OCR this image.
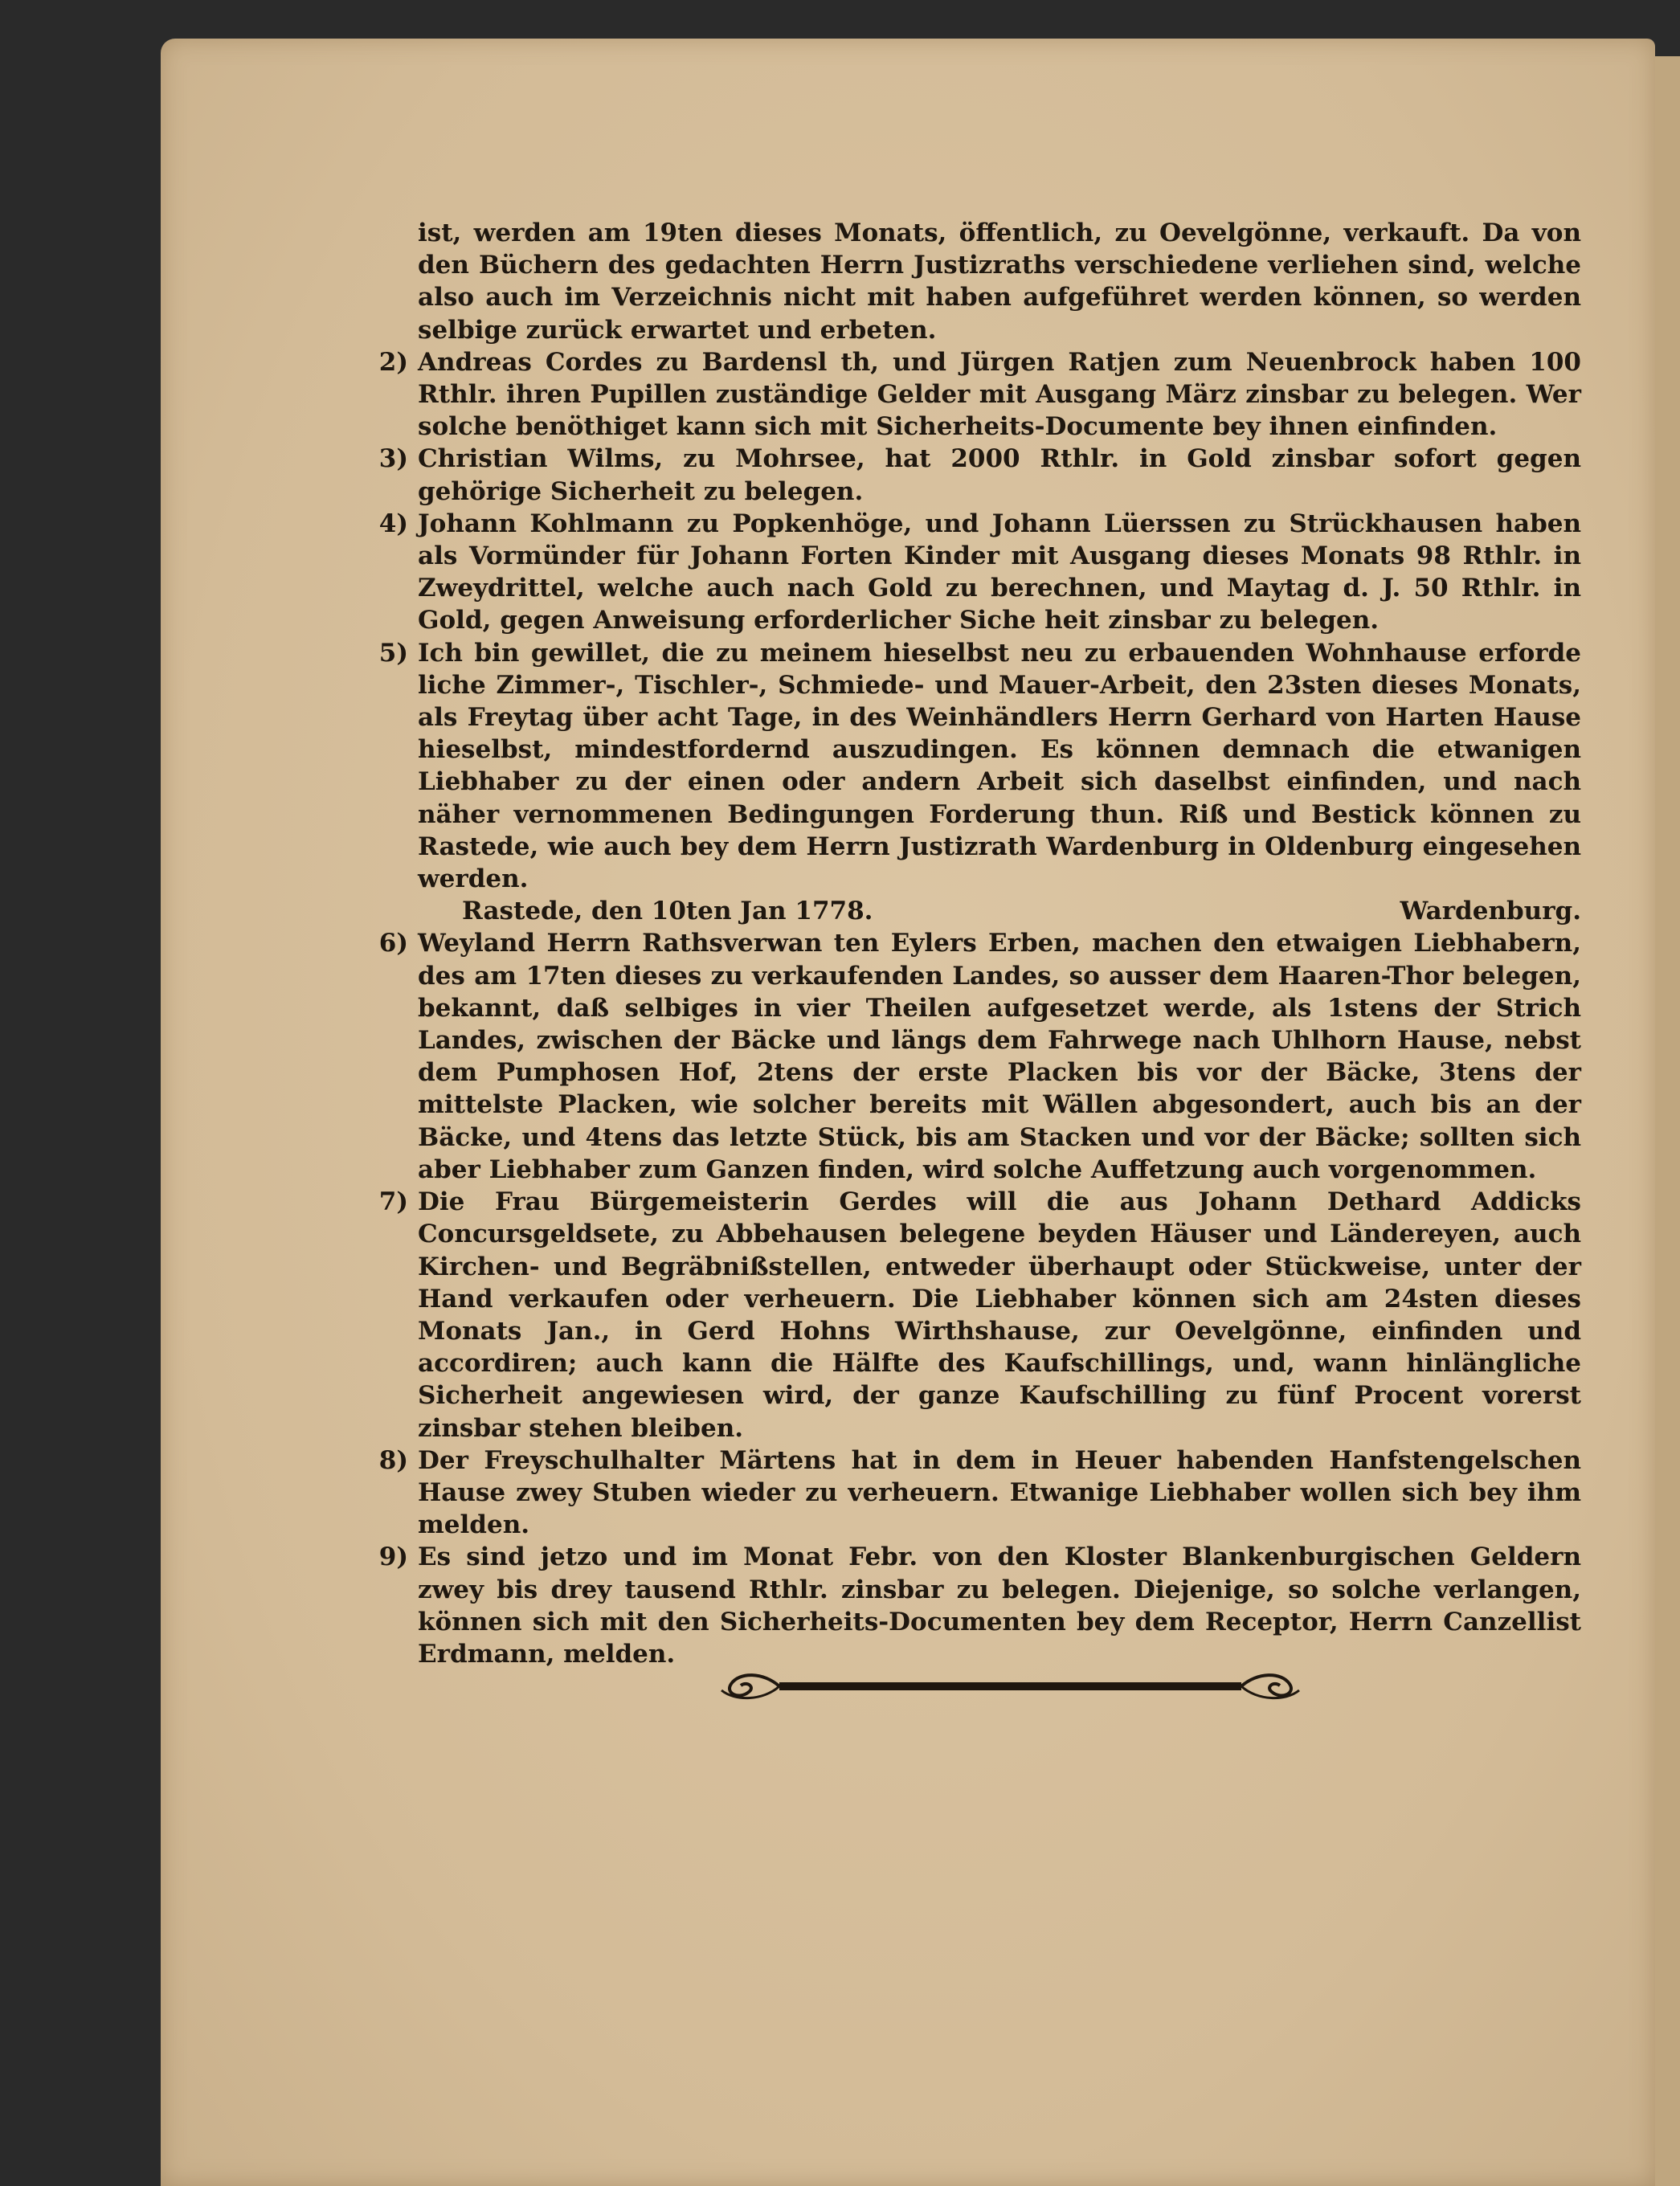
ist, werden am 19ten dieses Monats, öffentlich, zu Oevelgönne, verkauft. Da von den Büchern des gedachten Herrn Justizraths verschiedene verliehen sind, welche also auch im Verzeichnis nicht mit haben aufgeführet werden können, so werden selbige zurück erwartet und erbeten.
2) Andreas Cordes zu Bardensl th, und Jürgen Ratjen zum Neuenbrock haben 100 Rthlr. ihren Pupillen zuständige Gelder mit Ausgang März zinsbar zu belegen. Wer solche benöthiget kann sich mit Sicherheits-Documente bey ihnen einfinden.
3) Christian Wilms, zu Mohrsee, hat 2000 Rthlr. in Gold zinsbar sofort gegen gehörige Sicherheit zu belegen.
4) Johann Kohlmann zu Popkenhöge, und Johann Lüerssen zu Strückhausen haben als Vormünder für Johann Forten Kinder mit Ausgang dieses Monats 98 Rthlr. in Zweydrittel, welche auch nach Gold zu berechnen, und Maytag d. J. 50 Rthlr. in Gold, gegen Anweisung erforderlicher Siche heit zinsbar zu belegen.
5) Ich bin gewillet, die zu meinem hieselbst neu zu erbauenden Wohnhause erforde liche Zimmer-, Tischler-, Schmiede- und Mauer-Arbeit, den 23sten dieses Monats, als Freytag über acht Tage, in des Weinhändlers Herrn Gerhard von Harten Hause hieselbst, mindestfordernd auszudingen. Es können demnach die etwanigen Liebhaber zu der einen oder andern Arbeit sich daselbst einfinden, und nach näher vernommenen Bedingungen Forderung thun. Riß und Bestick können zu Rastede, wie auch bey dem Herrn Justizrath Wardenburg in Oldenburg eingesehen werden.
Rastede, den 10ten Jan 1778.	Wardenburg.
6) Weyland Herrn Rathsverwan ten Eylers Erben, machen den etwaigen Liebhabern, des am 17ten dieses zu verkaufenden Landes, so ausser dem Haaren-Thor belegen, bekannt, daß selbiges in vier Theilen aufgesetzet werde, als 1stens der Strich Landes, zwischen der Bäcke und längs dem Fahrwege nach Uhlhorn Hause, nebst dem Pumphosen Hof, 2tens der erste Placken bis vor der Bäcke, 3tens der mittelste Placken, wie solcher bereits mit Wällen abgesondert, auch bis an der Bäcke, und 4tens das letzte Stück, bis am Stacken und vor der Bäcke; sollten sich aber Liebhaber zum Ganzen finden, wird solche Auffetzung auch vorgenommen.
7) Die Frau Bürgemeisterin Gerdes will die aus Johann Dethard Addicks Concursgeldsete, zu Abbehausen belegene beyden Häuser und Ländereyen, auch Kirchen- und Begräbnißstellen, entweder überhaupt oder Stückweise, unter der Hand verkaufen oder verheuern. Die Liebhaber können sich am 24sten dieses Monats Jan., in Gerd Hohns Wirthshause, zur Oevelgönne, einfinden und accordiren; auch kann die Hälfte des Kaufschillings, und, wann hinlängliche Sicherheit angewiesen wird, der ganze Kaufschilling zu fünf Procent vorerst zinsbar stehen bleiben.
8) Der Freyschulhalter Märtens hat in dem in Heuer habenden Hanfstengelschen Hause zwey Stuben wieder zu verheuern. Etwanige Liebhaber wollen sich bey ihm melden.
9) Es sind jetzo und im Monat Febr. von den Kloster Blankenburgischen Geldern zwey bis drey tausend Rthlr. zinsbar zu belegen. Diejenige, so solche verlangen, können sich mit den Sicherheits-Documenten bey dem Receptor, Herrn Canzellist Erdmann, melden.
